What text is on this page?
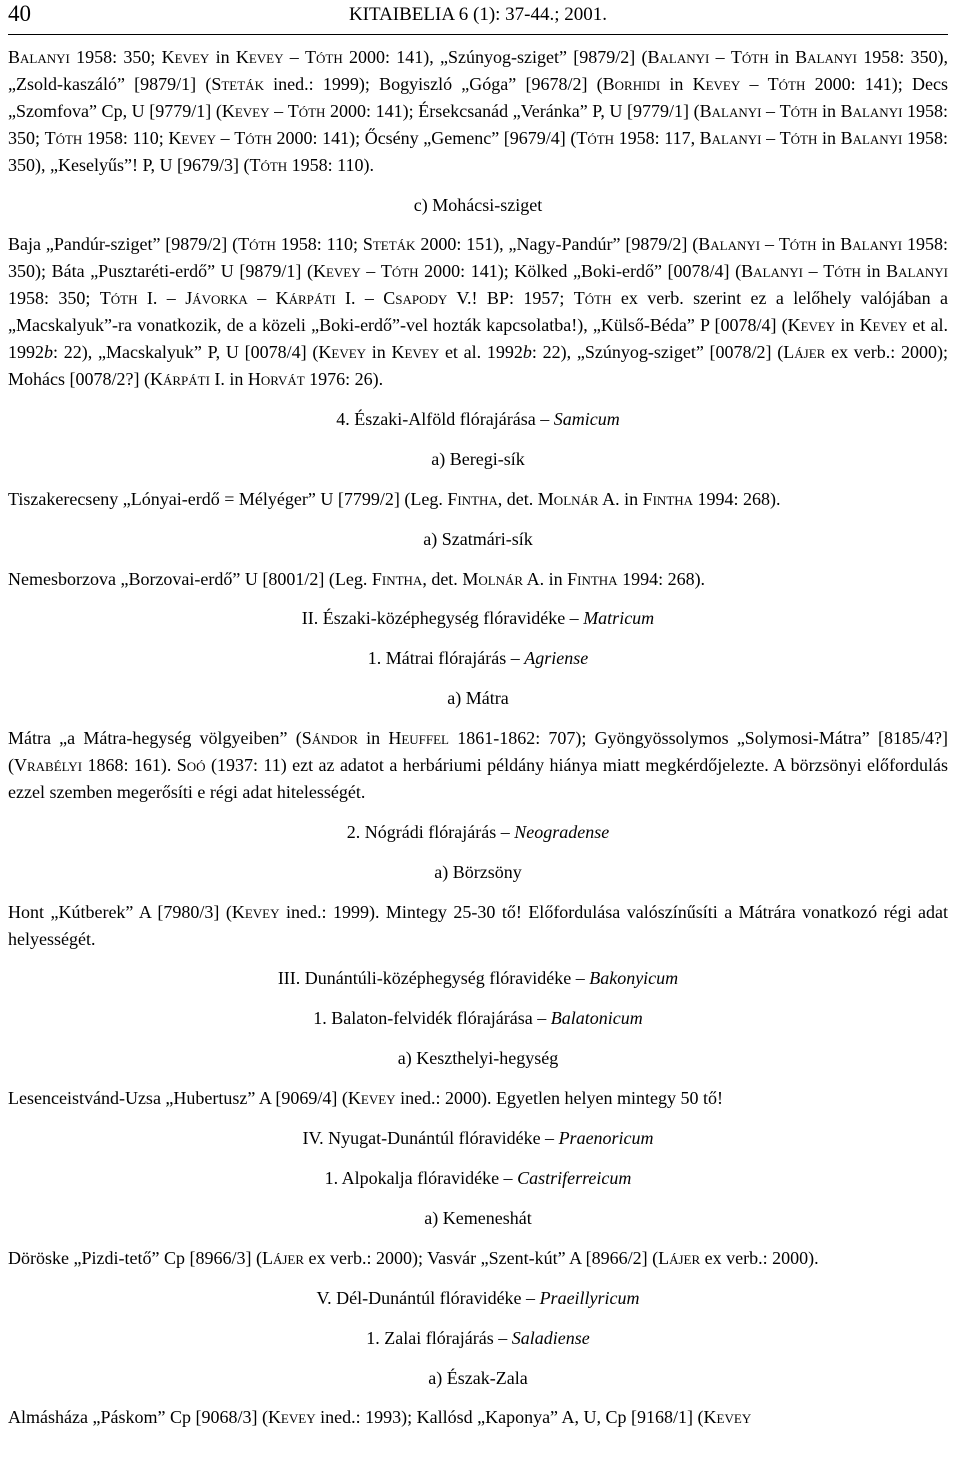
40	KITAIBELIA 6 (1): 37-44.; 2001.

Balanyi 1958: 350; Kevey in Kevey – Tóth 2000: 141), „Szúnyog-sziget” [9879/2] (Balanyi – Tóth in Balanyi 1958: 350), „Zsold-kaszáló” [9879/1] (Steták ined.: 1999); Bogyiszló „Góga” [9678/2] (Borhidi in Kevey – Tóth 2000: 141); Decs „Szomfova” Cp, U [9779/1] (Kevey – Tóth 2000: 141); Érsekcsanád „Veránka” P, U [9779/1] (Balanyi – Tóth in Balanyi 1958: 350; Tóth 1958: 110; Kevey – Tóth 2000: 141); Őcsény „Gemenc” [9679/4] (Tóth 1958: 117, Balanyi – Tóth in Balanyi 1958: 350), „Keselyűs”! P, U [9679/3] (Tóth 1958: 110).

c) Mohácsi-sziget

Baja „Pandúr-sziget” [9879/2] (Tóth 1958: 110; Steták 2000: 151), „Nagy-Pandúr” [9879/2] (Balanyi – Tóth in Balanyi 1958: 350); Báta „Pusztaréti-erdő” U [9879/1] (Kevey – Tóth 2000: 141); Kölked „Boki-erdő” [0078/4] (Balanyi – Tóth in Balanyi 1958: 350; Tóth I. – Jávorka – Kárpáti I. – Csapody V.! BP: 1957; Tóth ex verb. szerint ez a lelőhely valójában a „Macskalyuk”-ra vonatkozik, de a közeli „Boki-erdő”-vel hozták kapcsolatba!), „Külső-Béda” P [0078/4] (Kevey in Kevey et al. 1992b: 22), „Macskalyuk” P, U [0078/4] (Kevey in Kevey et al. 1992b: 22), „Szúnyog-sziget” [0078/2] (Lájer ex verb.: 2000); Mohács [0078/2?] (Kárpáti I. in Horvát 1976: 26).

4. Északi-Alföld flórajárása – Samicum
a) Beregi-sík

Tiszakerecseny „Lónyai-erdő = Mélyéger” U [7799/2] (Leg. Fintha, det. Molnár A. in Fintha 1994: 268).

a) Szatmári-sík

Nemesborzova „Borzovai-erdő” U [8001/2] (Leg. Fintha, det. Molnár A. in Fintha 1994: 268).

II. Északi-középhegység flóravidéke – Matricum
1. Mátrai flórajárás – Agriense
a) Mátra

Mátra „a Mátra-hegység völgyeiben” (Sándor in Heuffel 1861-1862: 707); Gyöngyössolymos „Solymosi-Mátra” [8185/4?] (Vrabélyi 1868: 161). Soó (1937: 11) ezt az adatot a herbáriumi példány hiánya miatt megkérdőjelezte. A börzsönyi előfordulás ezzel szemben megerősíti e régi adat hitelességét.

2. Nógrádi flórajárás – Neogradense
a) Börzsöny

Hont „Kútberek” A [7980/3] (Kevey ined.: 1999). Mintegy 25-30 tő! Előfordulása valószínűsíti a Mátrára vonatkozó régi adat helyességét.

III. Dunántúli-középhegység flóravidéke – Bakonyicum
1. Balaton-felvidék flórajárása – Balatonicum
a) Keszthelyi-hegység

Lesenceistvánd-Uzsa „Hubertusz” A [9069/4] (Kevey ined.: 2000). Egyetlen helyen mintegy 50 tő!

IV. Nyugat-Dunántúl flóravidéke – Praenoricum
1. Alpokalja flóravidéke – Castriferreicum
a) Kemeneshát

Döröske „Pizdi-tető” Cp [8966/3] (Lájer ex verb.: 2000); Vasvár „Szent-kút” A [8966/2] (Lájer ex verb.: 2000).

V. Dél-Dunántúl flóravidéke – Praeillyricum
1. Zalai flórajárás – Saladiense
a) Észak-Zala

Almásháza „Páskom” Cp [9068/3] (Kevey ined.: 1993); Kallósd „Kaponya” A, U, Cp [9168/1] (Kevey
